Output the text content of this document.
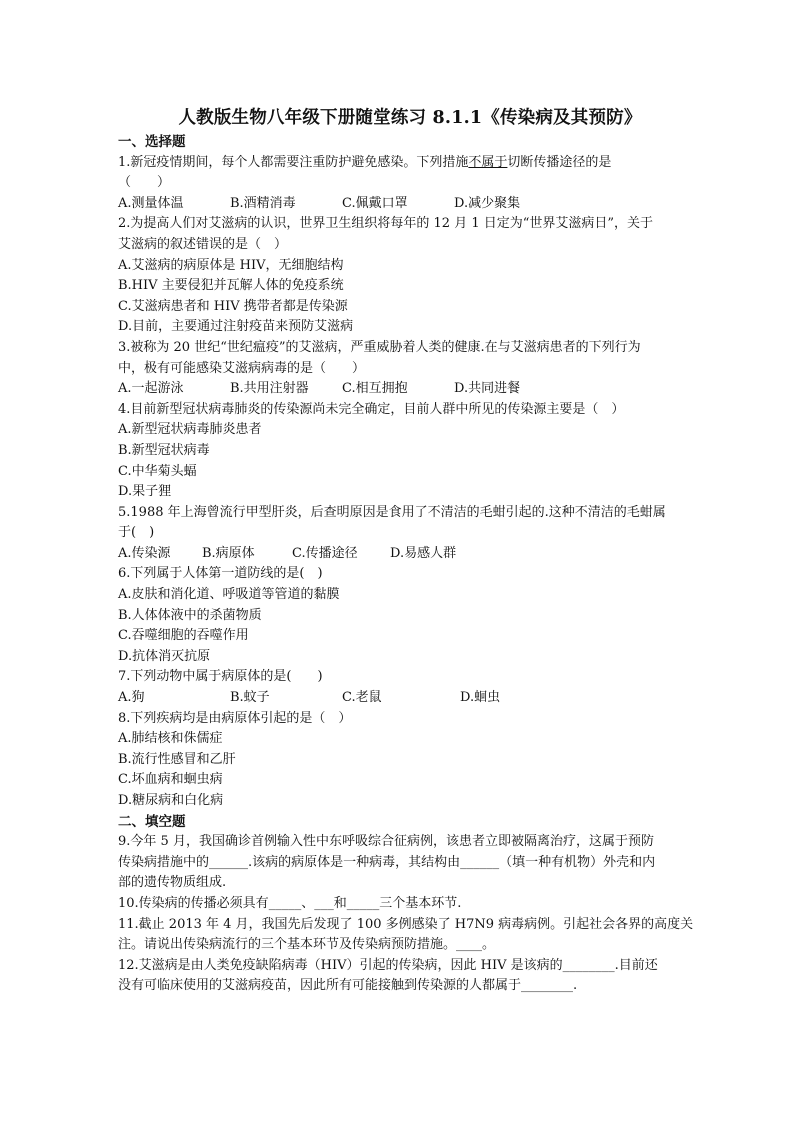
人教版生物八年级下册随堂练习 8.1.1《传染病及其预防》
一、选择题
1.新冠疫情期间，每个人都需要注重防护避免感染。下列措施不属于切断传播途径的是
（　　）
A.测量体温	B.酒精消毒	C.佩戴口罩	D.减少聚集
2.为提高人们对艾滋病的认识，世界卫生组织将每年的 12 月 1 日定为“世界艾滋病日”，关于
艾滋病的叙述错误的是（　）
A.艾滋病的病原体是 HIV，无细胞结构
B.HIV 主要侵犯并瓦解人体的免疫系统
C.艾滋病患者和 HIV 携带者都是传染源
D.目前，主要通过注射疫苗来预防艾滋病
3.被称为 20 世纪“世纪瘟疫”的艾滋病，严重威胁着人类的健康.在与艾滋病患者的下列行为
中，极有可能感染艾滋病病毒的是（　　）
A.一起游泳	B.共用注射器	C.相互拥抱	D.共同进餐
4.目前新型冠状病毒肺炎的传染源尚未完全确定，目前人群中所见的传染源主要是（　）
A.新型冠状病毒肺炎患者
B.新型冠状病毒
C.中华菊头蝠
D.果子狸
5.1988 年上海曾流行甲型肝炎，后查明原因是食用了不清洁的毛蚶引起的.这种不清洁的毛蚶属
于(　)
A.传染源	B.病原体	C.传播途径	D.易感人群
6.下列属于人体第一道防线的是(　)
A.皮肤和消化道、呼吸道等管道的黏膜
B.人体体液中的杀菌物质
C.吞噬细胞的吞噬作用
D.抗体消灭抗原
7.下列动物中属于病原体的是(　　)
A.狗	B.蚊子	C.老鼠	D.蛔虫
8.下列疾病均是由病原体引起的是（　）
A.肺结核和侏儒症
B.流行性感冒和乙肝
C.坏血病和蛔虫病
D.糖尿病和白化病
二、填空题
9.今年 5 月，我国确诊首例输入性中东呼吸综合征病例，该患者立即被隔离治疗，这属于预防
传染病措施中的______.该病的病原体是一种病毒，其结构由______（填一种有机物）外壳和内
部的遗传物质组成.
10.传染病的传播必须具有_____、___和_____三个基本环节.
11.截止 2013 年 4 月，我国先后发现了 100 多例感染了 H7N9 病毒病例。引起社会各界的高度关
注。请说出传染病流行的三个基本环节及传染病预防措施。____。
12.艾滋病是由人类免疫缺陷病毒（HIV）引起的传染病，因此 HIV 是该病的________.目前还
没有可临床使用的艾滋病疫苗，因此所有可能接触到传染源的人都属于________.
